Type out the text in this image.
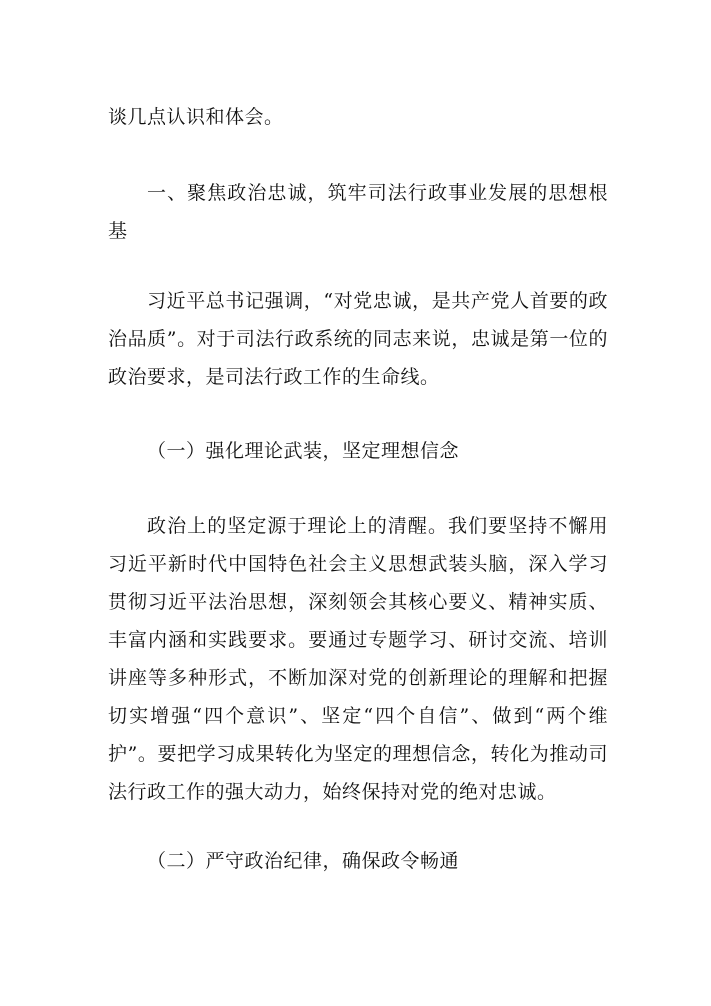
谈几点认识和体会。
一、聚焦政治忠诚，筑牢司法行政事业发展的思想根基
习近平总书记强调，“对党忠诚，是共产党人首要的政治品质”。对于司法行政系统的同志来说，忠诚是第一位的政治要求，是司法行政工作的生命线。
（一）强化理论武装，坚定理想信念
政治上的坚定源于理论上的清醒。我们要坚持不懈用习近平新时代中国特色社会主义思想武装头脑，深入学习贯彻习近平法治思想，深刻领会其核心要义、精神实质、丰富内涵和实践要求。要通过专题学习、研讨交流、培训讲座等多种形式，不断加深对党的创新理论的理解和把握切实增强“四个意识”、坚定“四个自信”、做到“两个维护”。要把学习成果转化为坚定的理想信念，转化为推动司法行政工作的强大动力，始终保持对党的绝对忠诚。
（二）严守政治纪律，确保政令畅通
